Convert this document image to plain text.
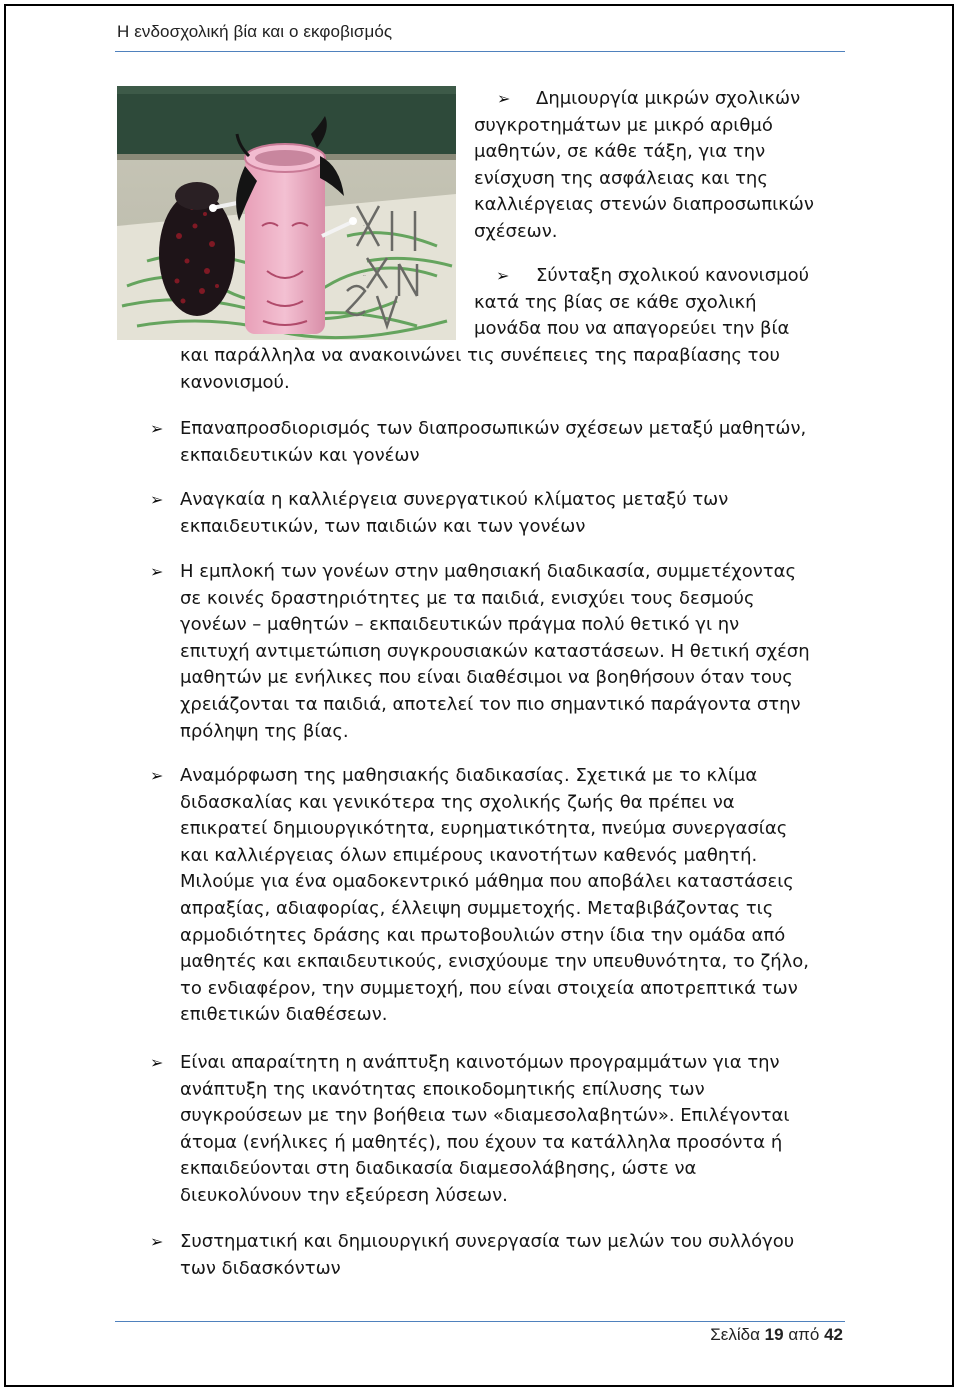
Η ενδοσχολική βία και ο εκφοβισμός
ΟΧΙ
ΣΤΗΝ
ΒΙΑ
➢	Δημιουργία μικρών σχολικών
συγκροτημάτων με μικρό αριθμό
μαθητών, σε κάθε τάξη, για την
ενίσχυση της ασφάλειας και της
καλλιέργειας στενών διαπροσωπικών
σχέσεων.
➢	Σύνταξη σχολικού κανονισμού
κατά της βίας σε κάθε σχολική
μονάδα που να απαγορεύει την βία
και παράλληλα να ανακοινώνει τις συνέπειες της παραβίασης του
κανονισμού.
➢ Επαναπροσδιορισμός των διαπροσωπικών σχέσεων μεταξύ μαθητών,
εκπαιδευτικών και γονέων
➢ Αναγκαία η καλλιέργεια συνεργατικού κλίματος μεταξύ των
εκπαιδευτικών, των παιδιών και των γονέων
➢ Η εμπλοκή των γονέων στην μαθησιακή διαδικασία, συμμετέχοντας
σε κοινές δραστηριότητες με τα παιδιά, ενισχύει τους δεσμούς
γονέων – μαθητών – εκπαιδευτικών πράγμα πολύ θετικό γι ην
επιτυχή αντιμετώπιση συγκρουσιακών καταστάσεων. Η θετική σχέση
μαθητών με ενήλικες που είναι διαθέσιμοι να βοηθήσουν όταν τους
χρειάζονται τα παιδιά, αποτελεί τον πιο σημαντικό παράγοντα στην
πρόληψη της βίας.
➢ Αναμόρφωση της μαθησιακής διαδικασίας. Σχετικά με το κλίμα
διδασκαλίας και γενικότερα της σχολικής ζωής θα πρέπει να
επικρατεί δημιουργικότητα, ευρηματικότητα, πνεύμα συνεργασίας
και καλλιέργειας όλων επιμέρους ικανοτήτων καθενός μαθητή.
Μιλούμε για ένα ομαδοκεντρικό μάθημα που αποβάλει καταστάσεις
απραξίας, αδιαφορίας, έλλειψη συμμετοχής. Μεταβιβάζοντας τις
αρμοδιότητες δράσης και πρωτοβουλιών στην ίδια την ομάδα από
μαθητές και εκπαιδευτικούς, ενισχύουμε την υπευθυνότητα, το ζήλο,
το ενδιαφέρον, την συμμετοχή, που είναι στοιχεία αποτρεπτικά των
επιθετικών διαθέσεων.
➢ Είναι απαραίτητη η ανάπτυξη καινοτόμων προγραμμάτων για την
ανάπτυξη της ικανότητας εποικοδομητικής επίλυσης των
συγκρούσεων με την βοήθεια των «διαμεσολαβητών». Επιλέγονται
άτομα (ενήλικες ή μαθητές), που έχουν τα κατάλληλα προσόντα ή
εκπαιδεύονται στη διαδικασία διαμεσολάβησης, ώστε να
διευκολύνουν την εξεύρεση λύσεων.
➢ Συστηματική και δημιουργική συνεργασία των μελών του συλλόγου
των διδασκόντων
Σελίδα 19 από 42
